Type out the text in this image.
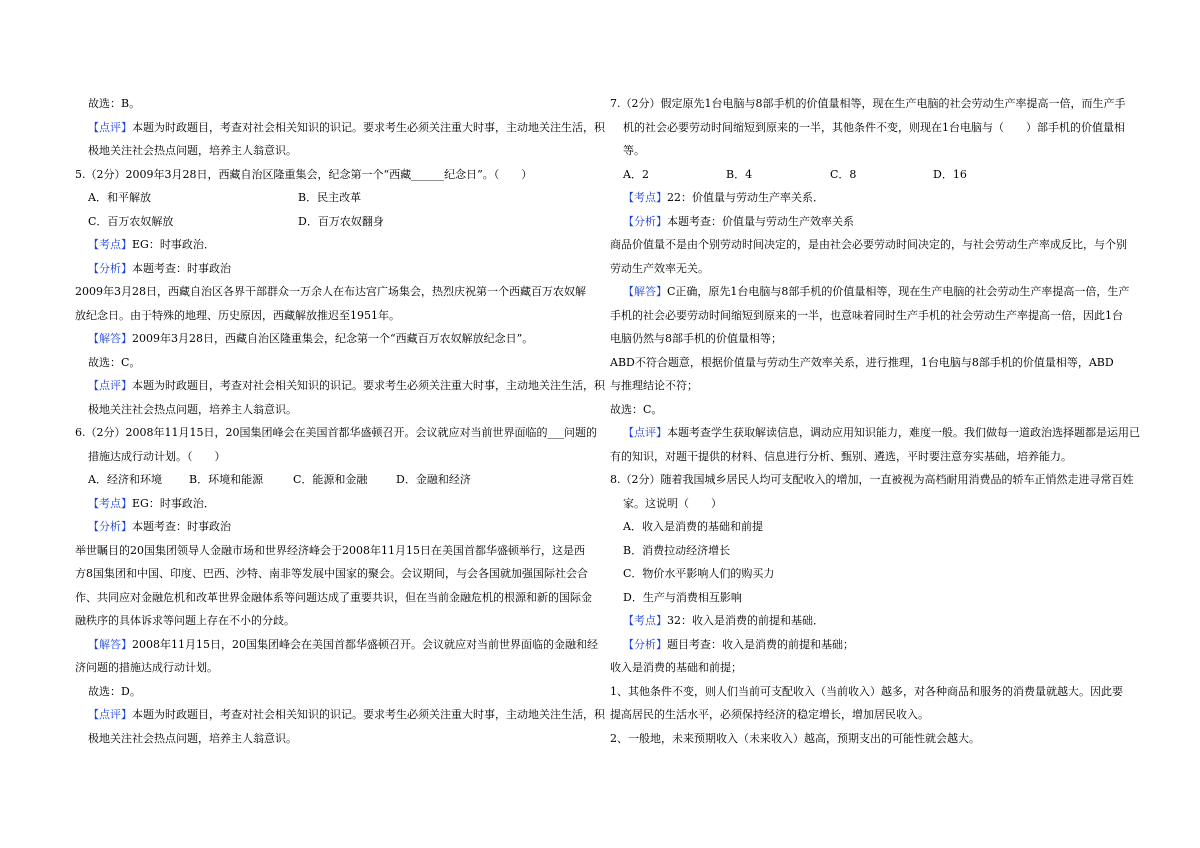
故选：B。
【点评】本题为时政题目，考查对社会相关知识的识记。要求考生必须关注重大时事，主动地关注生活，积
极地关注社会热点问题，培养主人翁意识。
5.（2分）2009年3月28日，西藏自治区隆重集会，纪念第一个“西藏______纪念日”。（　　）
A．和平解放	B．民主改革
C．百万农奴解放	D．百万农奴翻身
【考点】EG：时事政治．
【分析】本题考查：时事政治
2009年3月28日，西藏自治区各界干部群众一万余人在布达宫广场集会，热烈庆祝第一个西藏百万农奴解
放纪念日。由于特殊的地理、历史原因，西藏解放推迟至1951年。
【解答】2009年3月28日，西藏自治区隆重集会，纪念第一个“西藏百万农奴解放纪念日”。
故选：C。
【点评】本题为时政题目，考查对社会相关知识的识记。要求考生必须关注重大时事，主动地关注生活，积
极地关注社会热点问题，培养主人翁意识。
6.（2分）2008年11月15日，20国集团峰会在美国首都华盛顿召开。会议就应对当前世界面临的___问题的
措施达成行动计划。（　　）
A．经济和环境	B．环境和能源	C．能源和金融	D．金融和经济
【考点】EG：时事政治．
【分析】本题考查：时事政治
举世瞩目的20国集团领导人金融市场和世界经济峰会于2008年11月15日在美国首都华盛顿举行，这是西
方8国集团和中国、印度、巴西、沙特、南非等发展中国家的聚会。会议期间，与会各国就加强国际社会合
作、共同应对金融危机和改革世界金融体系等问题达成了重要共识，但在当前金融危机的根源和新的国际金
融秩序的具体诉求等问题上存在不小的分歧。
【解答】2008年11月15日，20国集团峰会在美国首都华盛顿召开。会议就应对当前世界面临的金融和经
济问题的措施达成行动计划。
故选：D。
【点评】本题为时政题目，考查对社会相关知识的识记。要求考生必须关注重大时事，主动地关注生活，积
极地关注社会热点问题，培养主人翁意识。
7.（2分）假定原先1台电脑与8部手机的价值量相等，现在生产电脑的社会劳动生产率提高一倍，而生产手
机的社会必要劳动时间缩短到原来的一半，其他条件不变，则现在1台电脑与（　　）部手机的价值量相
等。
A．2	B．4	C．8	D．16
【考点】22：价值量与劳动生产率关系．
【分析】本题考查：价值量与劳动生产效率关系
商品价值量不是由个别劳动时间决定的，是由社会必要劳动时间决定的，与社会劳动生产率成反比，与个别
劳动生产效率无关。
【解答】C正确，原先1台电脑与8部手机的价值量相等，现在生产电脑的社会劳动生产率提高一倍，生产
手机的社会必要劳动时间缩短到原来的一半，也意味着同时生产手机的社会劳动生产率提高一倍，因此1台
电脑仍然与8部手机的价值量相等；
ABD不符合题意，根据价值量与劳动生产效率关系，进行推理，1台电脑与8部手机的价值量相等，ABD
与推理结论不符；
故选：C。
【点评】本题考查学生获取解读信息，调动应用知识能力，难度一般。我们做每一道政治选择题都是运用已
有的知识，对题干提供的材料、信息进行分析、甄别、遴选，平时要注意夯实基础，培养能力。
8.（2分）随着我国城乡居民人均可支配收入的增加，一直被视为高档耐用消费品的轿车正悄然走进寻常百姓
家。这说明（　　）
A．收入是消费的基础和前提
B．消费拉动经济增长
C．物价水平影响人们的购买力
D．生产与消费相互影响
【考点】32：收入是消费的前提和基础．
【分析】题目考查：收入是消费的前提和基础；
收入是消费的基础和前提；
1、其他条件不变，则人们当前可支配收入（当前收入）越多，对各种商品和服务的消费量就越大。因此要
提高居民的生活水平，必须保持经济的稳定增长，增加居民收入。
2、一般地，未来预期收入（未来收入）越高，预期支出的可能性就会越大。
